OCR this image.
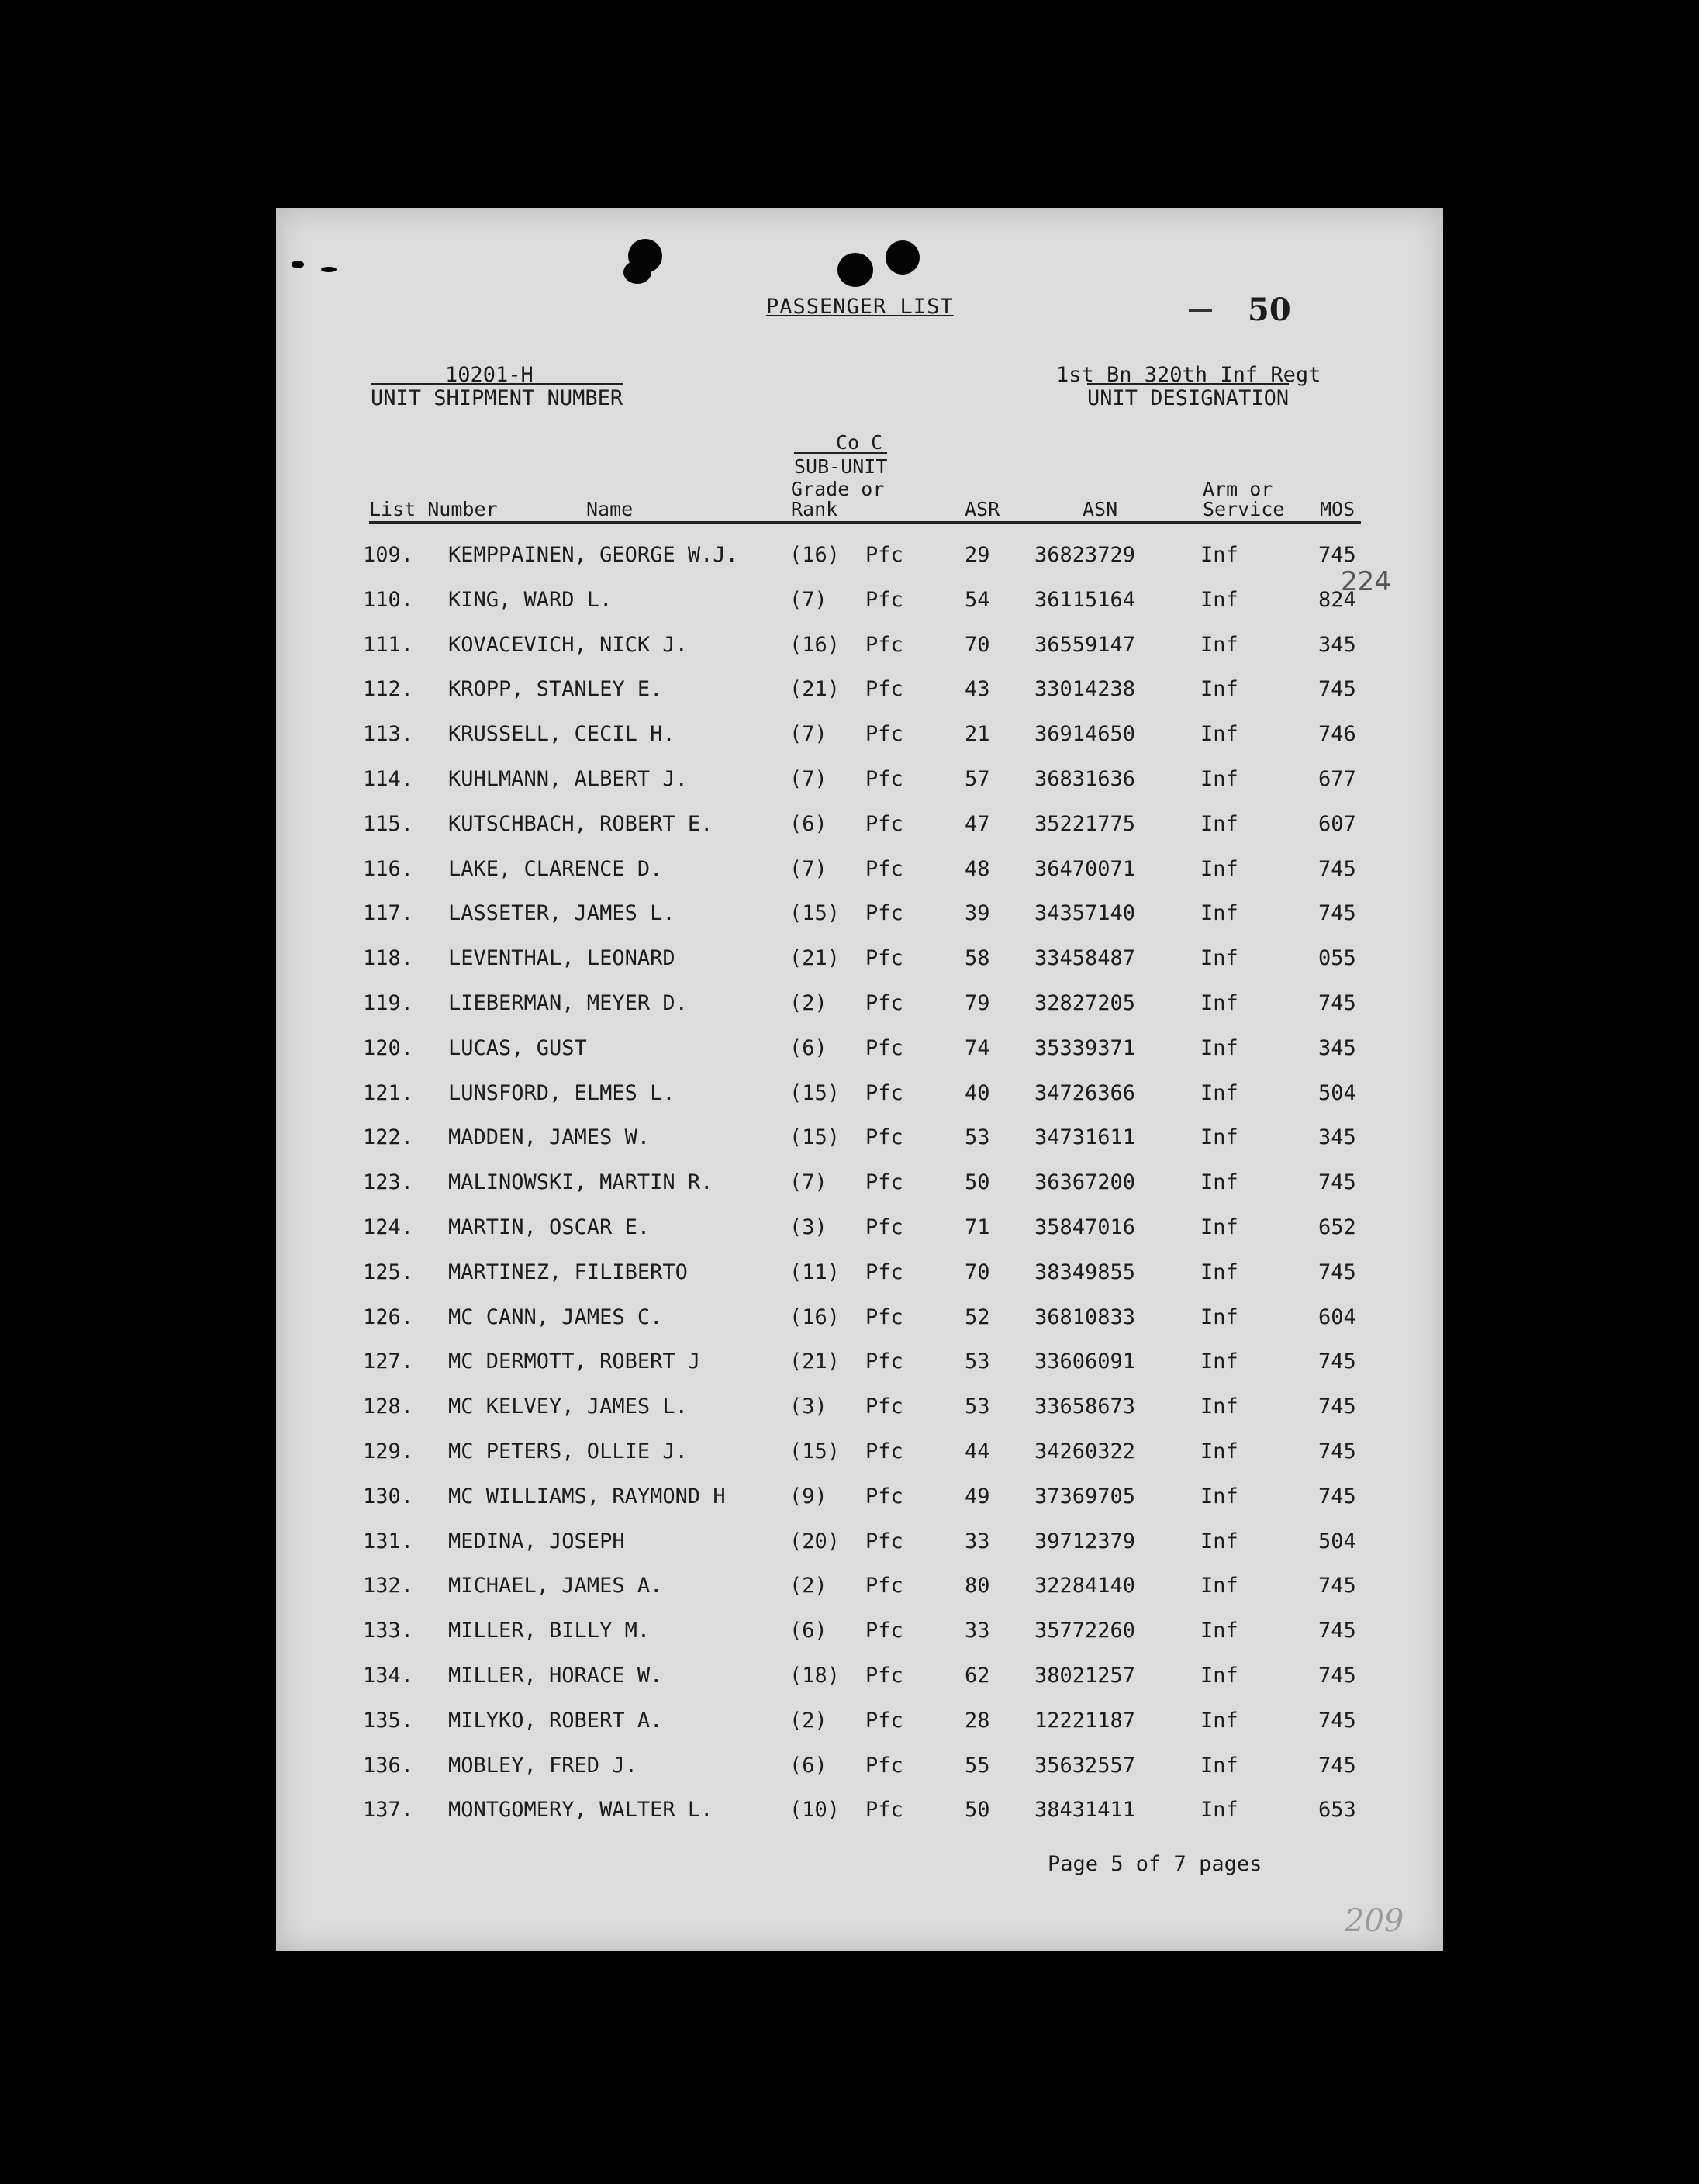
PASSENGER LIST	50
10201-H
UNIT SHIPMENT NUMBER
1st Bn 320th Inf Regt
UNIT DESIGNATION
Co C
SUB-UNIT
List Number	Name
Grade or
Rank	ASR	ASN
Arm or
Service MOS
109. KEMPPAINEN, GEORGE W.J. (16) Pfc	29 36823729	Inf	745
110. KING, WARD L.	(7) Pfc	54 36115164	Inf	824
111. KOVACEVICH, NICK J.	(16) Pfc	70 36559147	Inf	345
112. KROPP, STANLEY E.	(21) Pfc	43 33014238	Inf	745
113. KRUSSELL, CECIL H.	(7) Pfc	21 36914650	Inf	746
114. KUHLMANN, ALBERT J.	(7) Pfc	57 36831636	Inf	677
115. KUTSCHBACH, ROBERT E.	(6) Pfc	47 35221775	Inf	607
116. LAKE, CLARENCE D.	(7) Pfc	48 36470071	Inf	745
117. LASSETER, JAMES L.	(15) Pfc	39 34357140	Inf	745
118. LEVENTHAL, LEONARD	(21) Pfc	58 33458487	Inf	055
119. LIEBERMAN, MEYER D.	(2) Pfc	79 32827205	Inf	745
120. LUCAS, GUST	(6) Pfc	74 35339371	Inf	345
121. LUNSFORD, ELMES L.	(15) Pfc	40 34726366	Inf	504
122. MADDEN, JAMES W.	(15) Pfc	53 34731611	Inf	345
123. MALINOWSKI, MARTIN R.	(7) Pfc	50 36367200	Inf	745
124. MARTIN, OSCAR E.	(3) Pfc	71 35847016	Inf	652
125. MARTINEZ, FILIBERTO	(11) Pfc	70 38349855	Inf	745
126. MC CANN, JAMES C.	(16) Pfc	52 36810833	Inf	604
127. MC DERMOTT, ROBERT J	(21) Pfc	53 33606091	Inf	745
128. MC KELVEY, JAMES L.	(3) Pfc	53 33658673	Inf	745
129. MC PETERS, OLLIE J.	(15) Pfc	44 34260322	Inf	745
130. MC WILLIAMS, RAYMOND H	(9) Pfc	49 37369705	Inf	745
131. MEDINA, JOSEPH	(20) Pfc	33 39712379	Inf	504
132. MICHAEL, JAMES A.	(2) Pfc	80 32284140	Inf	745
133. MILLER, BILLY M.	(6) Pfc	33 35772260	Inf	745
134. MILLER, HORACE W.	(18) Pfc	62 38021257	Inf	745
135. MILYKO, ROBERT A.	(2) Pfc	28 12221187	Inf	745
136. MOBLEY, FRED J.	(6) Pfc	55 35632557	Inf	745
137. MONTGOMERY, WALTER L.	(10) Pfc	50 38431411	Inf	653
224
Page 5 of 7 pages
209
